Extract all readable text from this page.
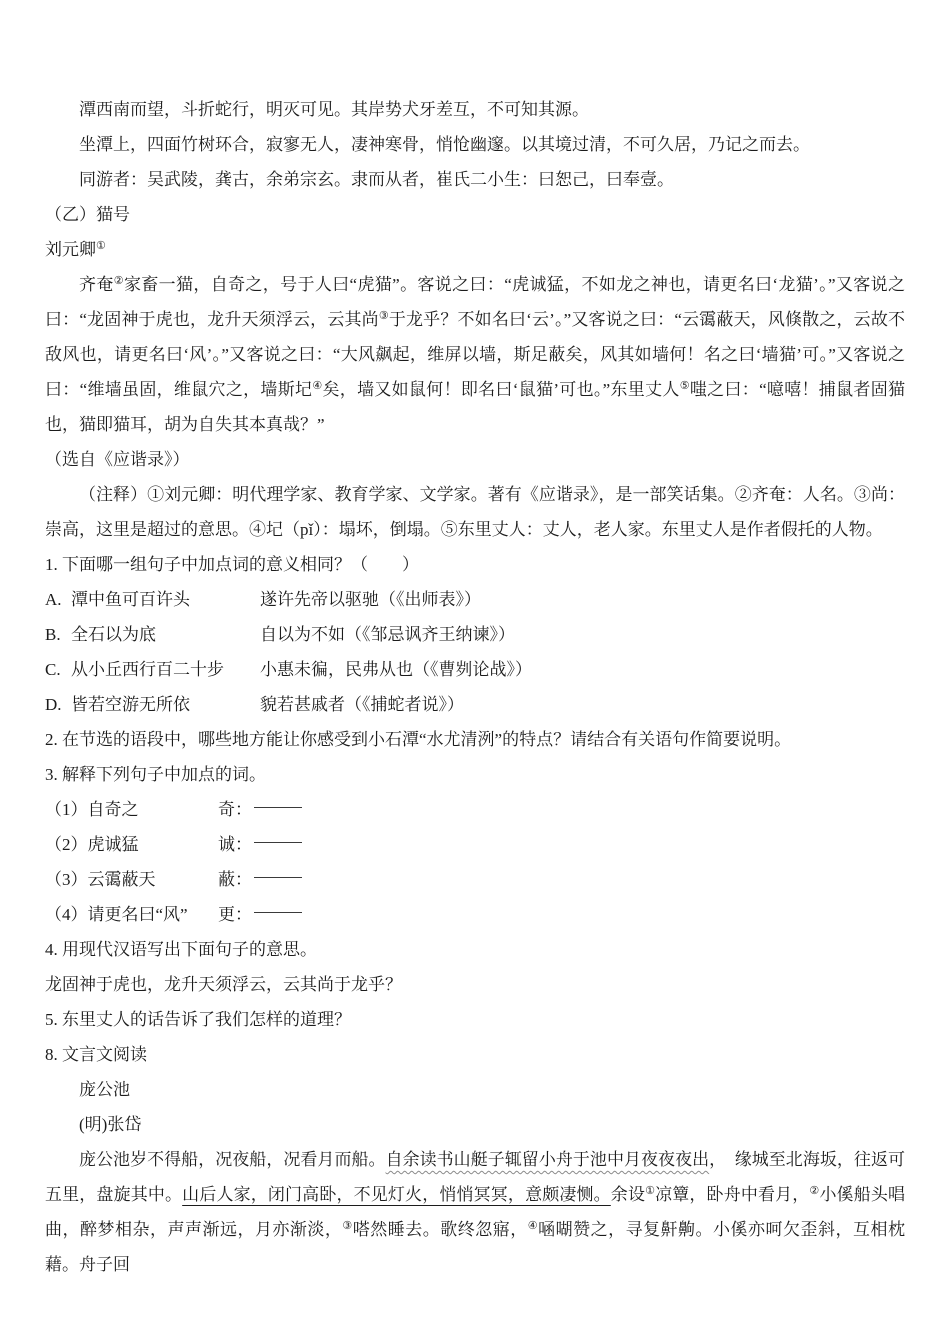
潭西南而望，斗折蛇行，明灭可见。其岸势犬牙差互，不可知其源。

坐潭上，四面竹树环合，寂寥无人，凄神寒骨，悄怆幽邃。以其境过清，不可久居，乃记之而去。

同游者：吴武陵，龚古，余弟宗玄。隶而从者，崔氏二小生：曰恕己，曰奉壹。

（乙）猫号

刘元卿①

齐奄②家畜一猫，自奇之，号于人曰“虎猫”。客说之曰：“虎诚猛，不如龙之神也，请更名曰‘龙猫’。”又客说之曰：“龙固神于虎也，龙升天须浮云，云其尚③于龙乎？不如名曰‘云’。”又客说之曰：“云霭蔽天，风倏散之，云故不敌风也，请更名曰‘风’。”又客说之曰：“大风飙起，维屏以墙，斯足蔽矣，风其如墙何！名之曰‘墙猫’可。”又客说之曰：“维墙虽固，维鼠穴之，墙斯圮④矣，墙又如鼠何！即名曰‘鼠猫’可也。”东里丈人⑤嗤之曰：“噫嘻！捕鼠者固猫也，猫即猫耳，胡为自失其本真哉？”

（选自《应谐录》）

（注释）①刘元卿：明代理学家、教育学家、文学家。著有《应谐录》，是一部笑话集。②齐奄：人名。③尚：崇高，这里是超过的意思。④圮（pǐ）：塌坏，倒塌。⑤东里丈人：丈人，老人家。东里丈人是作者假托的人物。

1. 下面哪一组句子中加点词的意义相同？（　　）

A. 潭中鱼可百许头	遂许先帝以驱驰（《出师表》）
B. 全石以为底	自以为不如（《邹忌讽齐王纳谏》）
C. 从小丘西行百二十步	小惠未徧，民弗从也（《曹刿论战》）
D. 皆若空游无所依	貌若甚戚者（《捕蛇者说》）

2. 在节选的语段中，哪些地方能让你感受到小石潭“水尤清洌”的特点？请结合有关语句作简要说明。

3. 解释下列句子中加点的词。

（1）自奇之	奇：
（2）虎诚猛	诚：
（3）云霭蔽天	蔽：
（4）请更名曰“风”	更：

4. 用现代汉语写出下面句子的意思。

龙固神于虎也，龙升天须浮云，云其尚于龙乎？

5. 东里丈人的话告诉了我们怎样的道理？

8. 文言文阅读

庞公池

(明)张岱

庞公池岁不得船，况夜船，况看月而船。自余读书山艇子辄留小舟于池中月夜夜夜出，　缘城至北海坂，往返可五里，盘旋其中。山后人家，闭门高卧，不见灯火，悄悄冥冥，意颇凄恻。余设①凉簟，卧舟中看月，②小傒船头唱曲，醉梦相杂，声声渐远，月亦渐淡，③嗒然睡去。歌终忽寤，④㖤㗅赞之，寻复鼾齁。小傒亦呵欠歪斜，互相枕藉。舟子回
